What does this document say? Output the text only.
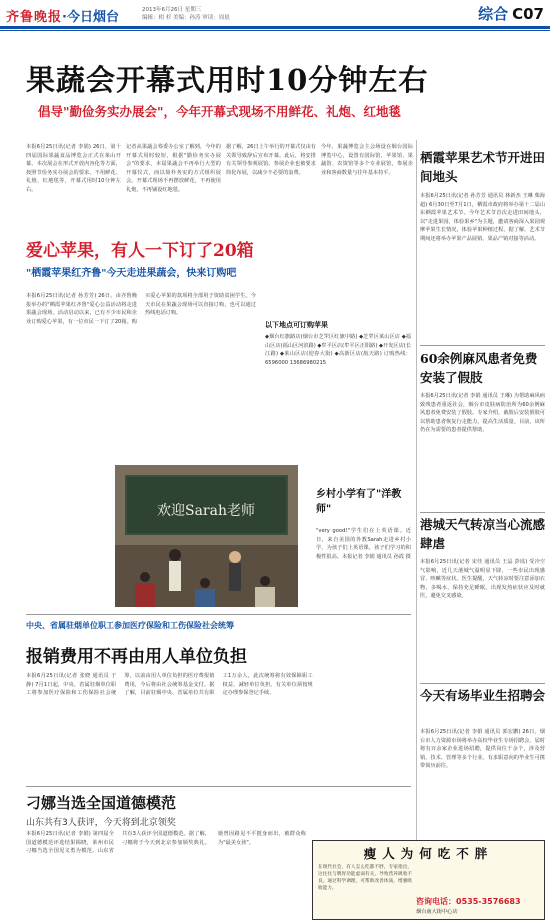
齐鲁晚报·今日烟台	2013年6月26日 星期三
编辑：相 杉 美编：孙涛 审读：周晨	综合 C07
果蔬会开幕式用时10分钟左右
倡导"勤俭务实办展会"，今年开幕式现场不用鲜花、礼炮、红地毯
本报6月25日讯(记者 李娟) 26日，第十四届国际果蔬食品博览会正式在莱山开幕，本次展会在形式开放内容化等方面，按照节俭务实办展会的要求，不用鲜花、礼炮、红地毯等，开幕式用时10分钟左右。
记者从果蔬会筹委办公室了解到，今年的开幕式用时较短，根据"勤俭务实办展会"的要求，本届果蔬会不再举行大型的开幕仪式，而以简朴务实的方式组织展会。开幕式现场不再摆放鲜花，不再使用礼炮，不再铺设红地毯。
据了解，26日上午举行的开幕式仅由有关领导致辞后宣布开幕。此后，将安排有关领导参观展馆。参展企业也被要求简化布展，以减少不必要的浪费。
今年，果蔬博览会主会场设在烟台国际博览中心，设置有国际馆、苹果馆、果蔬馆、农资馆等多个专业展馆，参展企业和客商数量与往年基本持平。
栖霞苹果艺术节开进田间地头
本报6月25日讯(记者 孙芳芳 通讯员 林新杰 王琳 柴海超) 6月30日至7月1日，栖霞市政府将举办第十二届山东栖霞苹果艺术节。今年艺术节首次走进田间地头，以"走进果园、体验果乡"为主题，邀请客商深入果园观摩苹果生长情况，体验苹果种植过程。据了解，艺术节期间还将举办苹果产品展销、果品产销对接等活动。
60余例麻风患者免费安装了假肢
本报6月25日讯(记者 李娟 通讯员 王琳) 为帮助麻风病致残患者重返社会，烟台市皮肤病防治所为60余例麻风患者免费安装了假肢。专家介绍，截肢后安装假肢可以帮助患者恢复行走能力，提高生活质量。目前，该所仍在为需要的患者提供帮助。
港城天气转凉当心流感肆虐
本报6月25日讯(记者 宋佳 通讯员 王晶 彭瑶) 受冷空气影响，近几天港城气温明显下降，一些市民出现感冒、咳嗽等症状。医生提醒，天气转凉时要注意添加衣物，多喝水，保持充足睡眠，出现发热症状应及时就医，避免交叉感染。
今天有场毕业生招聘会
本报6月25日讯(记者 李娟 通讯员 郭宏鹏) 26日，烟台市人力资源市场将举办高校毕业生专场招聘会，届时将有百余家企业进场招聘，提供岗位千余个，涉及营销、技术、管理等多个行业。有求职意向的毕业生可携带简历前往。
爱心苹果，有人一下订了20箱
"栖霞苹果红齐鲁"今天走进果蔬会，快来订购吧
本报6月25日讯(记者 孙芳芳) 26日，由齐鲁晚报举办的"栖霞苹果红齐鲁"爱心公益活动将走进果蔬会现场。活动启动以来，已有不少市民和企业订购爱心苹果，有一位市民一下订了20箱。购买爱心苹果的款项将全部用于资助贫困学生。今天市民在果蔬会现场可以直接订购，也可以通过热线电话订购。
以下地点可订购苹果
◆烟台红旗路店(烟台市芝罘区红旗中路) ◆芝罘区莱山区店 ◆福山区店(福山区河滨路) ◆牟平区店(牟平区正阳路) ◆开发区店(长江路) ◆莱山区店(迎春大街) ◆高新区店(航天路) 订购热线：6596000 13686980215
欢迎Sarah老师
乡村小学有了"洋教师"
"very good!"学生们在上英语课。近日，来自美国的外教Sarah走进乡村小学，为孩子们上英语课，孩子们学习的积极性很高。本报记者 李娟 通讯员 孙霞 摄
中央、省属驻烟单位职工参加医疗保险和工伤保险社会统筹
报销费用不再由用人单位负担
本报6月25日讯(记者 张晓 通讯员 于静) 7月1日起，中央、省属驻烟单位职工将参加医疗保险和工伤保险社会统筹，以前由用人单位负担的医疗费报销费用，今后将由社会统筹基金支付。据了解，目前驻烟中央、省属单位共有职工1万余人，此次统筹将有效保障职工权益，减轻单位负担。有关单位须按规定办理参保登记手续。
刁娜当选全国道德模范
山东共有3人获评，今天将到北京领奖
本报6月25日讯(记者 李娟) 第四届全国道德模范评选结果揭晓，莱州市民刁娜当选全国见义勇为模范。山东省共有3人获评全国道德模范。据了解，刁娜将于今天到北京参加颁奖典礼。她曾因路见不平挺身而出，被群众称为"最美女孩"。
瘦人为何吃不胖
在现代社会，有人怎么吃都不胖，专家指出，这往往与脾胃功能虚弱有关，导致营养吸收不良。通过科学调理，可帮助改善体质，增强吸收能力。
咨询电话：0535-3576683
烟台南大街中心店
